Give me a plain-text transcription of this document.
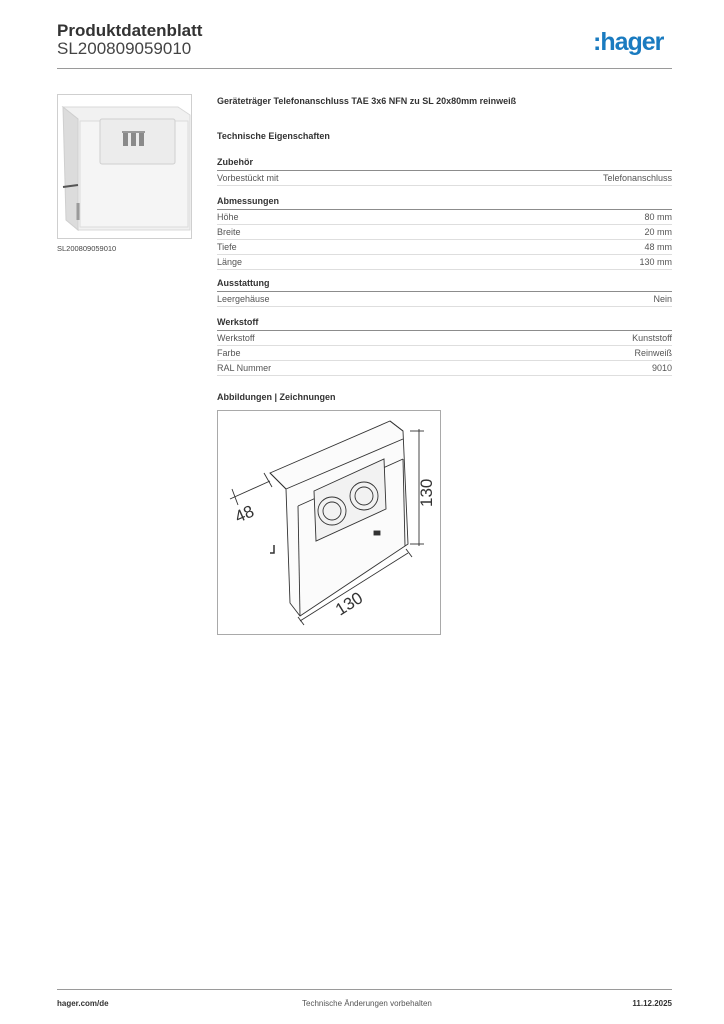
Produktdatenblatt
SL200809059010	:hager
SL200809059010
Geräteträger Telefonanschluss TAE 3x6 NFN zu SL 20x80mm reinweiß
Technische Eigenschaften
Zubehör
Vorbestückt mit	Telefonanschluss
Abmessungen
Höhe	80 mm
Breite	20 mm
Tiefe	48 mm
Länge	130 mm
Ausstattung
Leergehäuse	Nein
Werkstoff
Werkstoff	Kunststoff
Farbe	Reinweiß
RAL Nummer	9010
Abbildungen | Zeichnungen
48
130
130
hager.com/de	Technische Änderungen vorbehalten	11.12.2025
